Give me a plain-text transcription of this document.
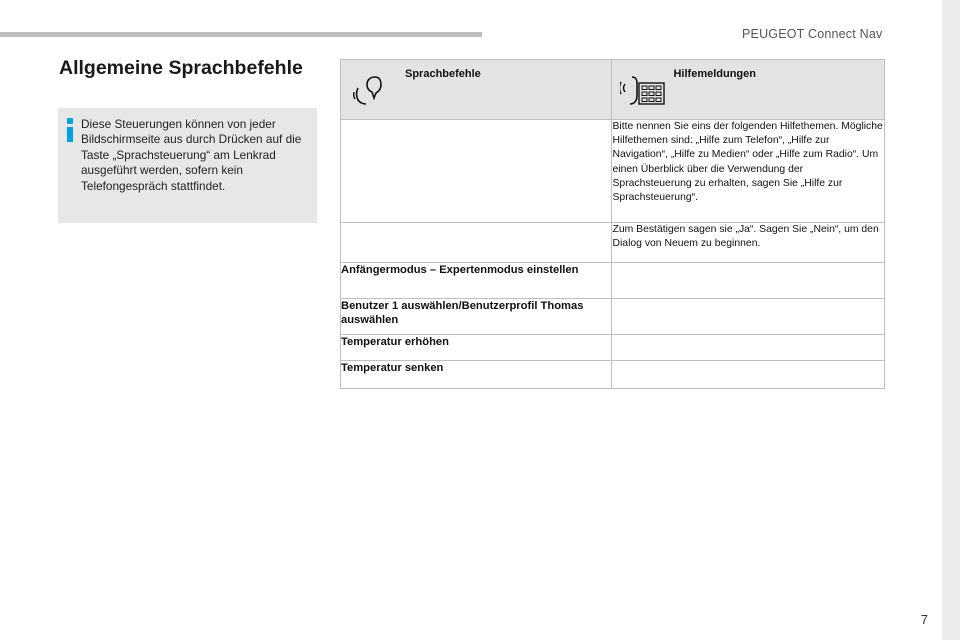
PEUGEOT Connect Nav
7
Allgemeine Sprachbefehle

Diese Steuerungen können von jeder Bildschirmseite aus durch Drücken auf die Taste „Sprachsteuerung“ am Lenkrad ausgeführt werden, sofern kein Telefongespräch stattfindet.

Sprachbefehle	Hilfemeldungen

	Bitte nennen Sie eins der folgenden Hilfethemen. Mögliche Hilfethemen sind: „Hilfe zum Telefon“, „Hilfe zur Navigation“, „Hilfe zu Medien“ oder „Hilfe zum Radio“. Um einen Überblick über die Verwendung der Sprachsteuerung zu erhalten, sagen Sie „Hilfe zur Sprachsteuerung“.
	Zum Bestätigen sagen sie „Ja“. Sagen Sie „Nein“, um den Dialog von Neuem zu beginnen.
Anfängermodus – Expertenmodus einstellen	
Benutzer 1 auswählen/Benutzerprofil Thomas auswählen	
Temperatur erhöhen	
Temperatur senken	
